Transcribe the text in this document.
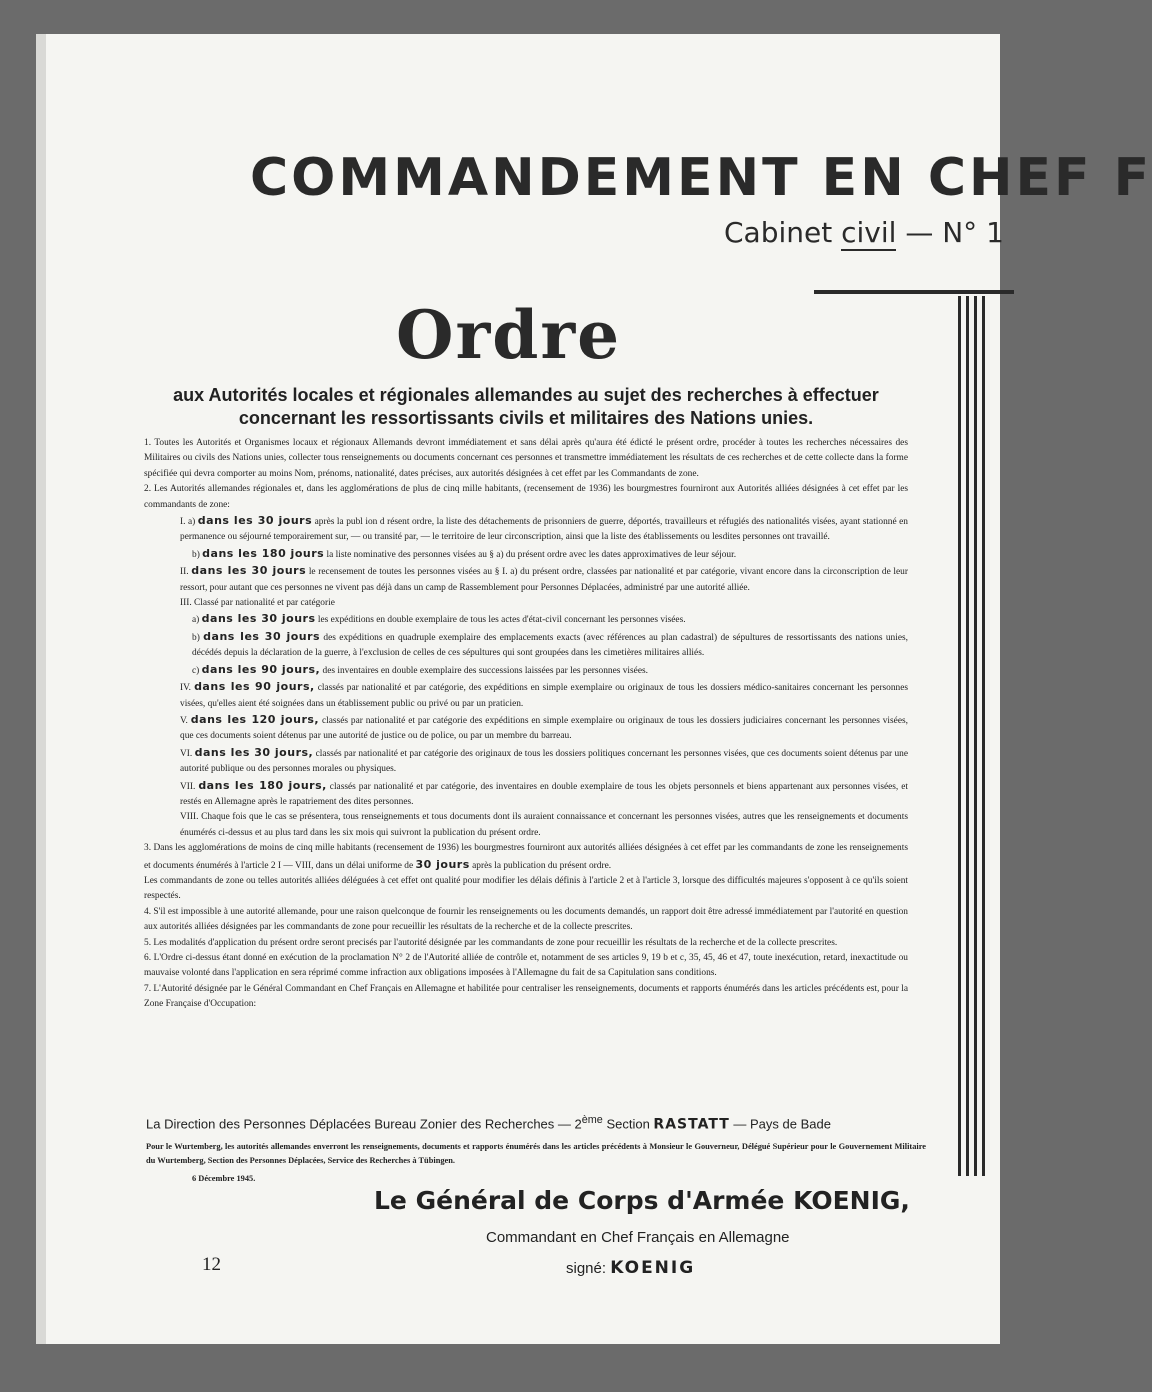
COMMANDEMENT EN CHEF F
Cabinet civil — N° 1
Ordre
aux Autorités locales et régionales allemandes au sujet des recherches à effectuer
concernant les ressortissants civils et militaires des Nations unies.

1. Toutes les Autorités et Organismes locaux et régionaux Allemands devront immédiatement et sans délai après qu'aura été édicté le présent ordre, procéder à toutes les recherches nécessaires des Militaires ou civils des Nations unies, collecter tous renseignements ou documents concernant ces personnes et transmettre immédiatement les résultats de ces recherches et de cette collecte dans la forme spécifiée qui devra comporter au moins Nom, prénoms, nationalité, dates précises, aux autorités désignées à cet effet par les Commandants de zone.

2. Les Autorités allemandes régionales et, dans les agglomérations de plus de cinq mille habitants, (recensement de 1936) les bourgmestres fourniront aux Autorités alliées désignées à cet effet par les commandants de zone:

I. a) dans les 30 jours après la publ ion d résent ordre, la liste des détachements de prisonniers de guerre, déportés, travailleurs et réfugiés des nationalités visées, ayant stationné en permanence ou séjourné temporairement sur, — ou transité par, — le territoire de leur circonscription, ainsi que la liste des établissements ou lesdites personnes ont travaillé.

b) dans les 180 jours la liste nominative des personnes visées au § a) du présent ordre avec les dates approximatives de leur séjour.

II. dans les 30 jours le recensement de toutes les personnes visées au § I. a) du présent ordre, classées par nationalité et par catégorie, vivant encore dans la circonscription de leur ressort, pour autant que ces personnes ne vivent pas déjà dans un camp de Rassemblement pour Personnes Déplacées, administré par une autorité alliée.

III. Classé par nationalité et par catégorie

a) dans les 30 jours les expéditions en double exemplaire de tous les actes d'état-civil concernant les personnes visées.

b) dans les 30 jours des expéditions en quadruple exemplaire des emplacements exacts (avec références au plan cadastral) de sépultures de ressortissants des nations unies, décédés depuis la déclaration de la guerre, à l'exclusion de celles de ces sépultures qui sont groupées dans les cimetières militaires alliés.

c) dans les 90 jours, des inventaires en double exemplaire des successions laissées par les personnes visées.

IV. dans les 90 jours, classés par nationalité et par catégorie, des expéditions en simple exemplaire ou originaux de tous les dossiers médico-sanitaires concernant les personnes visées, qu'elles aient été soignées dans un établissement public ou privé ou par un praticien.

V. dans les 120 jours, classés par nationalité et par catégorie des expéditions en simple exemplaire ou originaux de tous les dossiers judiciaires concernant les personnes visées, que ces documents soient détenus par une autorité de justice ou de police, ou par un membre du barreau.

VI. dans les 30 jours, classés par nationalité et par catégorie des originaux de tous les dossiers politiques concernant les personnes visées, que ces documents soient détenus par une autorité publique ou des personnes morales ou physiques.

VII. dans les 180 jours, classés par nationalité et par catégorie, des inventaires en double exemplaire de tous les objets personnels et biens appartenant aux personnes visées, et restés en Allemagne après le rapatriement des dites personnes.

VIII. Chaque fois que le cas se présentera, tous renseignements et tous documents dont ils auraient connaissance et concernant les personnes visées, autres que les renseignements et documents énumérés ci-dessus et au plus tard dans les six mois qui suivront la publication du présent ordre.

3. Dans les agglomérations de moins de cinq mille habitants (recensement de 1936) les bourgmestres fourniront aux autorités alliées désignées à cet effet par les commandants de zone les renseignements et documents énumérés à l'article 2 I — VIII, dans un délai uniforme de 30 jours après la publication du présent ordre.

Les commandants de zone ou telles autorités alliées déléguées à cet effet ont qualité pour modifier les délais définis à l'article 2 et à l'article 3, lorsque des difficultés majeures s'opposent à ce qu'ils soient respectés.

4. S'il est impossible à une autorité allemande, pour une raison quelconque de fournir les renseignements ou les documents demandés, un rapport doit être adressé immédiatement par l'autorité en question aux autorités alliées désignées par les commandants de zone pour recueillir les résultats de la recherche et de la collecte prescrites.

5. Les modalités d'application du présent ordre seront precisés par l'autorité désignée par les commandants de zone pour recueillir les résultats de la recherche et de la collecte prescrites.

6. L'Ordre ci-dessus étant donné en exécution de la proclamation N° 2 de l'Autorité alliée de contrôle et, notamment de ses articles 9, 19 b et c, 35, 45, 46 et 47, toute inexécution, retard, inexactitude ou mauvaise volonté dans l'application en sera réprimé comme infraction aux obligations imposées à l'Allemagne du fait de sa Capitulation sans conditions.

7. L'Autorité désignée par le Général Commandant en Chef Français en Allemagne et habilitée pour centraliser les renseignements, documents et rapports énumérés dans les articles précédents est, pour la Zone Française d'Occupation:

La Direction des Personnes Déplacées Bureau Zonier des Recherches — 2ème Section RASTATT — Pays de Bade
Pour le Wurtemberg, les autorités allemandes enverront les renseignements, documents et rapports énumérés dans les articles précédents à Monsieur le Gouverneur, Délégué Supérieur pour le Gouvernement Militaire du Wurtemberg, Section des Personnes Déplacées, Service des Recherches à Tübingen.
6 Décembre 1945.
Le Général de Corps d'Armée KOENIG,
Commandant en Chef Français en Allemagne
signé: KOENIG
12
